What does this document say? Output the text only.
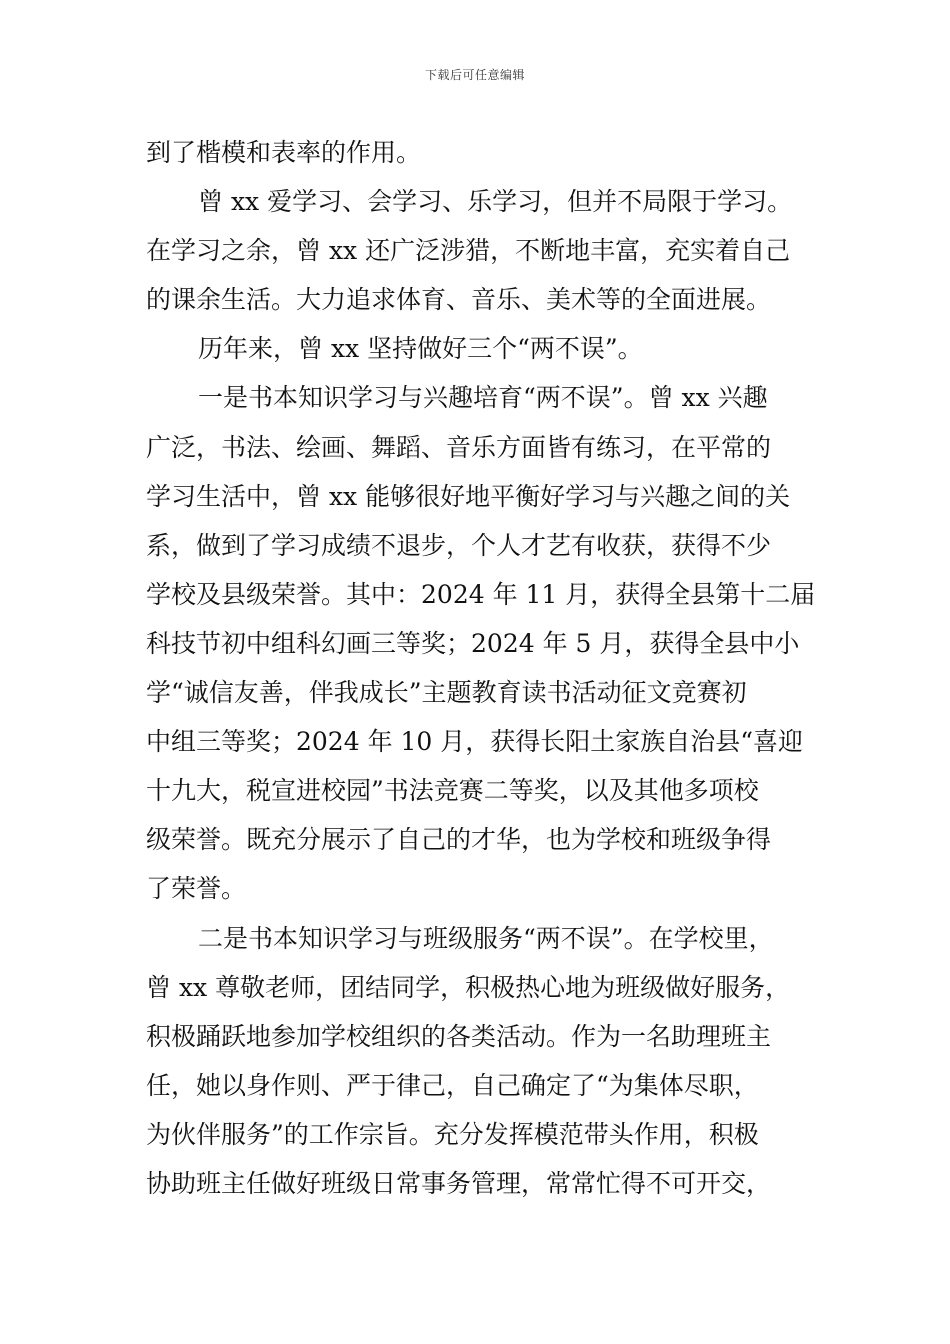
下载后可任意编辑
到了楷模和表率的作用。
曾 xx 爱学习、会学习、乐学习，但并不局限于学习。
在学习之余，曾 xx 还广泛涉猎，不断地丰富，充实着自己
的课余生活。大力追求体育、音乐、美术等的全面进展。
历年来，曾 xx 坚持做好三个“两不误”。
一是书本知识学习与兴趣培育“两不误”。曾 xx 兴趣
广泛，书法、绘画、舞蹈、音乐方面皆有练习，在平常的
学习生活中，曾 xx 能够很好地平衡好学习与兴趣之间的关
系，做到了学习成绩不退步，个人才艺有收获，获得不少
学校及县级荣誉。其中：2024 年 11 月，获得全县第十二届
科技节初中组科幻画三等奖；2024 年 5 月，获得全县中小
学“诚信友善，伴我成长”主题教育读书活动征文竞赛初
中组三等奖；2024 年 10 月，获得长阳土家族自治县“喜迎
十九大，税宣进校园”书法竞赛二等奖，以及其他多项校
级荣誉。既充分展示了自己的才华，也为学校和班级争得
了荣誉。
二是书本知识学习与班级服务“两不误”。在学校里，
曾 xx 尊敬老师，团结同学，积极热心地为班级做好服务，
积极踊跃地参加学校组织的各类活动。作为一名助理班主
任，她以身作则、严于律己，自己确定了“为集体尽职，
为伙伴服务”的工作宗旨。充分发挥模范带头作用，积极
协助班主任做好班级日常事务管理，常常忙得不可开交，
